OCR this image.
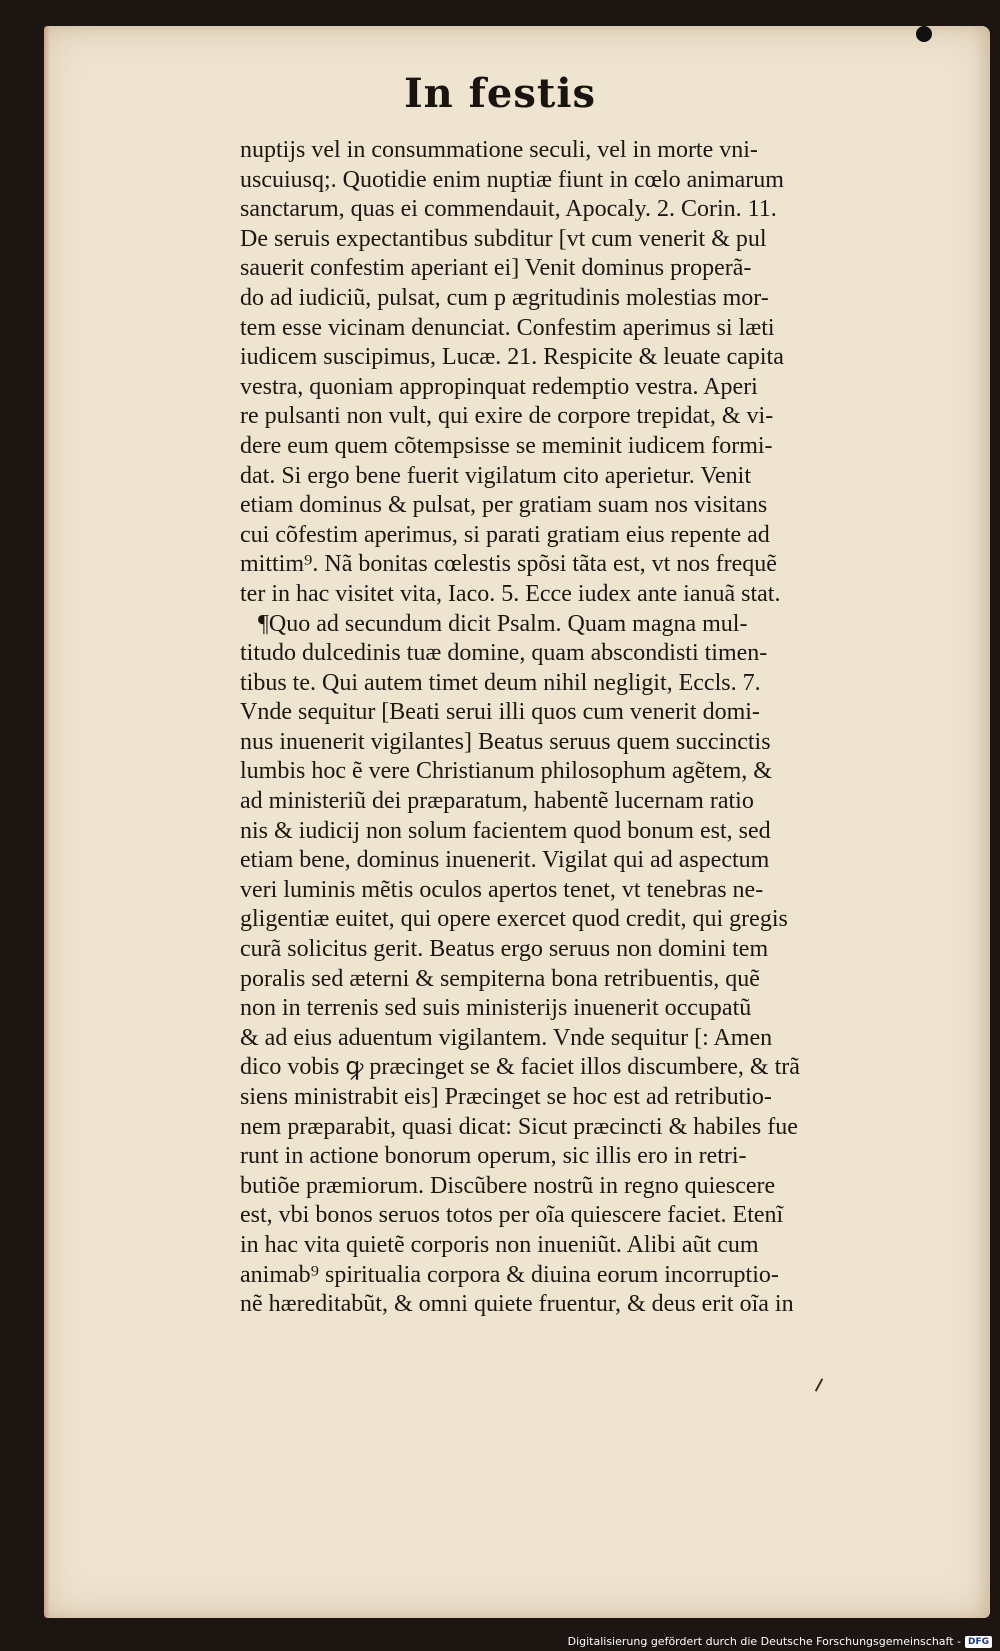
In festis
nuptijs vel in consummatione seculi, vel in morte vni-
uscuiusq;. Quotidie enim nuptiæ fiunt in cœlo animarum
sanctarum, quas ei commendauit, Apocaly. 2. Corin. 11.
De seruis expectantibus subditur [vt cum venerit & pul
sauerit confestim aperiant ei] Venit dominus properã-
do ad iudiciũ, pulsat, cum p ægritudinis molestias mor-
tem esse vicinam denunciat. Confestim aperimus si læti
iudicem suscipimus, Lucæ. 21. Respicite & leuate capita
vestra, quoniam appropinquat redemptio vestra. Aperi
re pulsanti non vult, qui exire de corpore trepidat, & vi-
dere eum quem cõtempsisse se meminit iudicem formi-
dat. Si ergo bene fuerit vigilatum cito aperietur. Venit
etiam dominus & pulsat, per gratiam suam nos visitans
cui cõfestim aperimus, si parati gratiam eius repente ad
mittim⁹. Nã bonitas cœlestis spõsi tãta est, vt nos frequẽ
ter in hac visitet vita, Iaco. 5. Ecce iudex ante ianuã stat.
¶Quo ad secundum dicit Psalm. Quam magna mul-
titudo dulcedinis tuæ domine, quam abscondisti timen-
tibus te. Qui autem timet deum nihil negligit, Eccls. 7.
Vnde sequitur [Beati serui illi quos cum venerit domi-
nus inuenerit vigilantes] Beatus seruus quem succinctis
lumbis hoc ẽ vere Christianum philosophum agẽtem, &
ad ministeriũ dei præparatum, habentẽ lucernam ratio
nis & iudicij non solum facientem quod bonum est, sed
etiam bene, dominus inuenerit. Vigilat qui ad aspectum
veri luminis mẽtis oculos apertos tenet, vt tenebras ne-
gligentiæ euitet, qui opere exercet quod credit, qui gregis
curã solicitus gerit. Beatus ergo seruus non domini tem
poralis sed æterni & sempiterna bona retribuentis, quẽ
non in terrenis sed suis ministerijs inuenerit occupatũ
& ad eius aduentum vigilantem. Vnde sequitur [: Amen
dico vobis ꝙ præcinget se & faciet illos discumbere, & trã
siens ministrabit eis] Præcinget se hoc est ad retributio-
nem præparabit, quasi dicat: Sicut præcincti & habiles fue
runt in actione bonorum operum, sic illis ero in retri-
butiõe præmiorum. Discũbere nostrũ in regno quiescere
est, vbi bonos seruos totos per oĩa quiescere faciet. Etenĩ
in hac vita quietẽ corporis non inueniũt. Alibi aũt cum
animab⁹ spiritualia corpora & diuina eorum incorruptio-
nẽ hæreditabũt, & omni quiete fruentur, & deus erit oĩa in
Digitalisierung gefördert durch die Deutsche Forschungsgemeinschaft - DFG
